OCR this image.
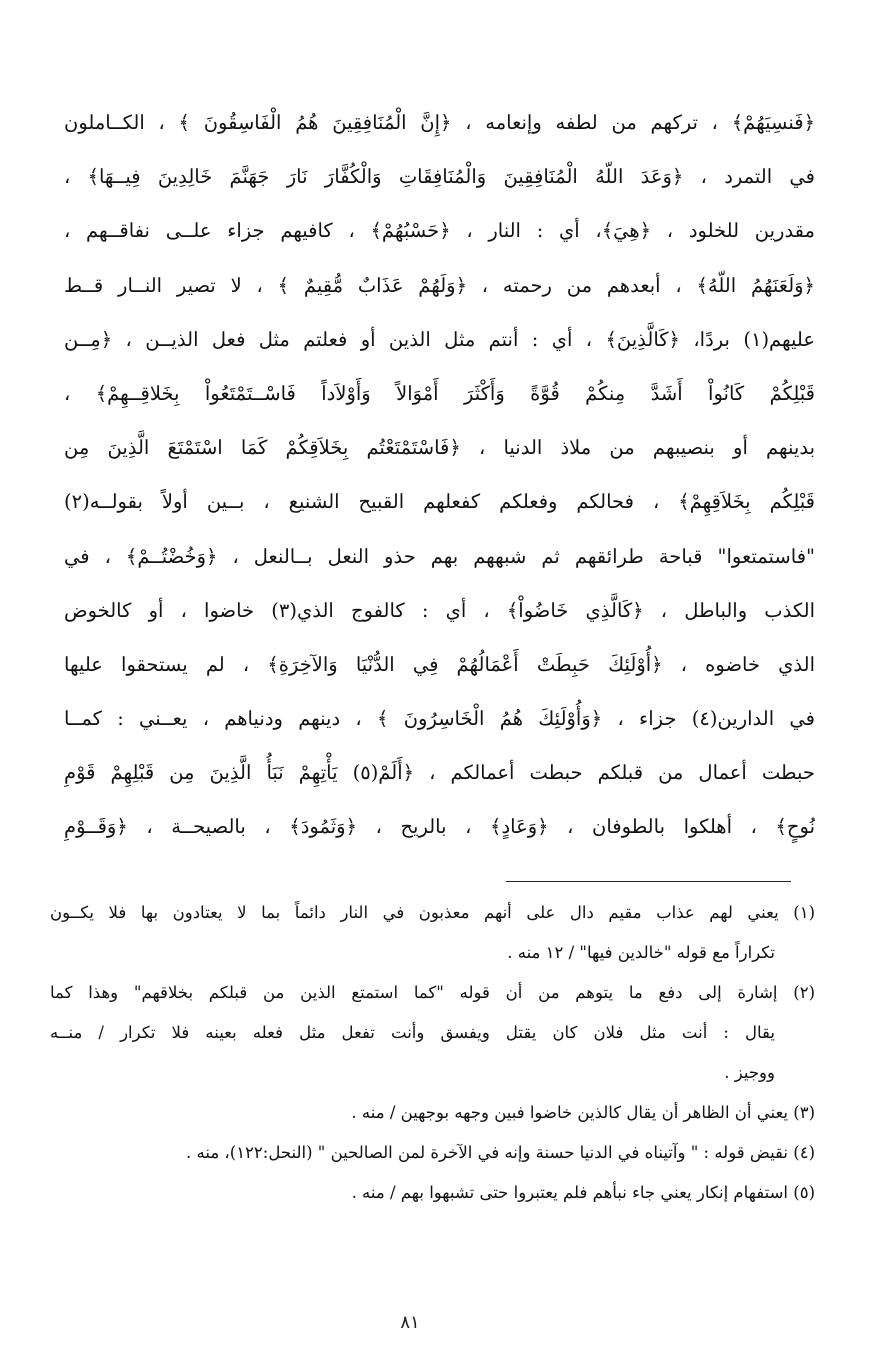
﴿فَنسِيَهُمْ﴾ ، تركهم من لطفه وإنعامه ، ﴿إِنَّ الْمُنَافِقِينَ هُمُ الْفَاسِقُونَ ﴾ ، الكــاملون
في التمرد ، ﴿وَعَدَ اللّهُ الْمُنَافِقِينَ وَالْمُنَافِقَاتِ وَالْكُفَّارَ نَارَ جَهَنَّمَ خَالِدِينَ فِيــهَا﴾ ،
مقدرين للخلود ، ﴿هِيَ﴾، أي : النار ، ﴿حَسْبُهُمْ﴾ ، كافيهم جزاء علــى نفاقــهم ،
﴿وَلَعَنَهُمُ اللّهُ﴾ ، أبعدهم من رحمته ، ﴿وَلَهُمْ عَذَابٌ مُّقِيمٌ ﴾ ، لا تصير النــار قــط
عليهم(١) بردًا، ﴿كَالَّذِينَ﴾ ، أي : أنتم مثل الذين أو فعلتم مثل فعل الذيــن ، ﴿مِــن
قَبْلِكُمْ كَانُواْ أَشَدَّ مِنكُمْ قُوَّةً وَأَكْثَرَ أَمْوَالاً وَأَوْلاَداً فَاسْــتَمْتَعُواْ بِخَلاقِــهِمْ﴾ ،
بدينهم أو بنصيبهم من ملاذ الدنيا ، ﴿فَاسْتَمْتَعْتُم بِخَلاَقِكُمْ كَمَا اسْتَمْتَعَ الَّذِينَ مِن
قَبْلِكُم بِخَلاَقِهِمْ﴾ ، فحالكم وفعلكم كفعلهم القبيح الشنيع ، بــين أولاً بقولــه(٢)
"فاستمتعوا" قباحة طرائقهم ثم شبههم بهم حذو النعل بــالنعل ، ﴿وَخُضْتُــمْ﴾ ، في
الكذب والباطل ، ﴿كَالَّذِي خَاضُواْ﴾ ، أي : كالفوج الذي(٣) خاضوا ، أو كالخوض
الذي خاضوه ، ﴿أُوْلَئِكَ حَبِطَتْ أَعْمَالُهُمْ فِي الدُّنْيَا وَالآخِرَةِ﴾ ، لم يستحقوا عليها
في الدارين(٤) جزاء ، ﴿وَأُوْلَئِكَ هُمُ الْخَاسِرُونَ ﴾ ، دينهم ودنياهم ، يعــني : كمــا
حبطت أعمال من قبلكم حبطت أعمالكم ، ﴿أَلَمْ(٥) يَأْتِهِمْ نَبَأُ الَّذِينَ مِن قَبْلِهِمْ قَوْمِ
نُوحٍ﴾ ، أهلكوا بالطوفان ، ﴿وَعَادٍ﴾ ، بالريح ، ﴿وَثَمُودَ﴾ ، بالصيحــة ، ﴿وَقَــوْمِ
(١) يعني لهم عذاب مقيم دال على أنهم معذبون في النار دائماً بما لا يعتادون بها فلا يكــون
تكراراً مع قوله "خالدين فيها" / ١٢ منه .
(٢) إشارة إلى دفع ما يتوهم من أن قوله "كما استمتع الذين من قبلكم بخلاقهم" وهذا كما
يقال : أنت مثل فلان كان يقتل ويفسق وأنت تفعل مثل فعله بعينه فلا تكرار / منــه
ووجيز .
(٣) يعني أن الظاهر أن يقال كالذين خاضوا فبين وجهه بوجهين / منه .
(٤) نقيض قوله : " وآتيناه في الدنيا حسنة وإنه في الآخرة لمن الصالحين " (النحل:١٢٢)، منه .
(٥) استفهام إنكار يعني جاء نبأهم فلم يعتبروا حتى تشبهوا بهم / منه .
٨١
